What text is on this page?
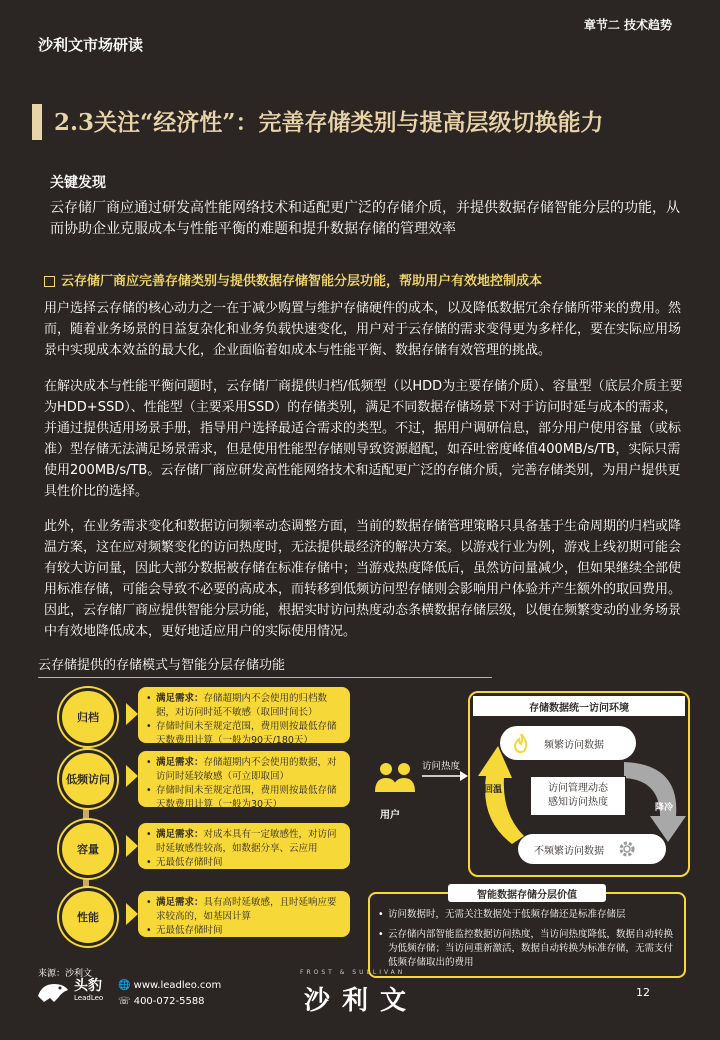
沙利文市场研读
章节二 技术趋势
2.3关注“经济性”：完善存储类别与提高层级切换能力
关键发现
云存储厂商应通过研发高性能网络技术和适配更广泛的存储介质，并提供数据存储智能分层的功能，从而协助企业克服成本与性能平衡的难题和提升数据存储的管理效率
云存储厂商应完善存储类别与提供数据存储智能分层功能，帮助用户有效地控制成本

用户选择云存储的核心动力之一在于减少购置与维护存储硬件的成本，以及降低数据冗余存储所带来的费用。然而，随着业务场景的日益复杂化和业务负载快速变化，用户对于云存储的需求变得更为多样化，要在实际应用场景中实现成本效益的最大化，企业面临着如成本与性能平衡、数据存储有效管理的挑战。

在解决成本与性能平衡问题时，云存储厂商提供归档/低频型（以HDD为主要存储介质）、容量型（底层介质主要为HDD+SSD）、性能型（主要采用SSD）的存储类别，满足不同数据存储场景下对于访问时延与成本的需求，并通过提供适用场景手册，指导用户选择最适合需求的类型。不过，据用户调研信息，部分用户使用容量（或标准）型存储无法满足场景需求，但是使用性能型存储则导致资源超配，如吞吐密度峰值400MB/s/TB，实际只需使用200MB/s/TB。云存储厂商应研发高性能网络技术和适配更广泛的存储介质，完善存储类别，为用户提供更具性价比的选择。

此外，在业务需求变化和数据访问频率动态调整方面，当前的数据存储管理策略只具备基于生命周期的归档或降温方案，这在应对频繁变化的访问热度时，无法提供最经济的解决方案。以游戏行业为例，游戏上线初期可能会有较大访问量，因此大部分数据被存储在标准存储中；当游戏热度降低后，虽然访问量减少，但如果继续全部使用标准存储，可能会导致不必要的高成本，而转移到低频访问型存储则会影响用户体验并产生额外的取回费用。因此，云存储厂商应提供智能分层功能，根据实时访问热度动态条横数据存储层级，以便在频繁变动的业务场景中有效地降低成本，更好地适应用户的实际使用情况。

云存储提供的存储模式与智能分层存储功能
归档
• 满足需求：存储超期内不会使用的归档数据，对访问时延不敏感（取回时间长）
• 存储时间未至规定范围，费用则按最低存储天数费用计算（一般为90天/180天）
低频访问
• 满足需求：存储超期内不会使用的数据，对访问时延较敏感（可立即取回）
• 存储时间未至规定范围，费用则按最低存储天数费用计算（一般为30天）
容量
• 满足需求：对成本具有一定敏感性，对访问时延敏感性较高，如数据分享、云应用
• 无最低存储时间
性能
• 满足需求：具有高时延敏感，且时延响应要求较高的，如基因计算
• 无最低存储时间
用户
访问热度
存储数据统一访问环境
频繁访问数据
不频繁访问数据
回温
降冷
访问管理动态
感知访问热度
智能数据存储分层价值
• 访问数据时，无需关注数据处于低频存储还是标准存储层
• 云存储内部智能监控数据访问热度，当访问热度降低，数据自动转换为低频存储；当访问重新激活，数据自动转换为标准存储，无需支付低频存储取出的费用
来源：沙利文
头豹
LeadLeo
🌐 www.leadleo.com
☏ 400-072-5588
FROST & SULLIVAN
沙利文	12
